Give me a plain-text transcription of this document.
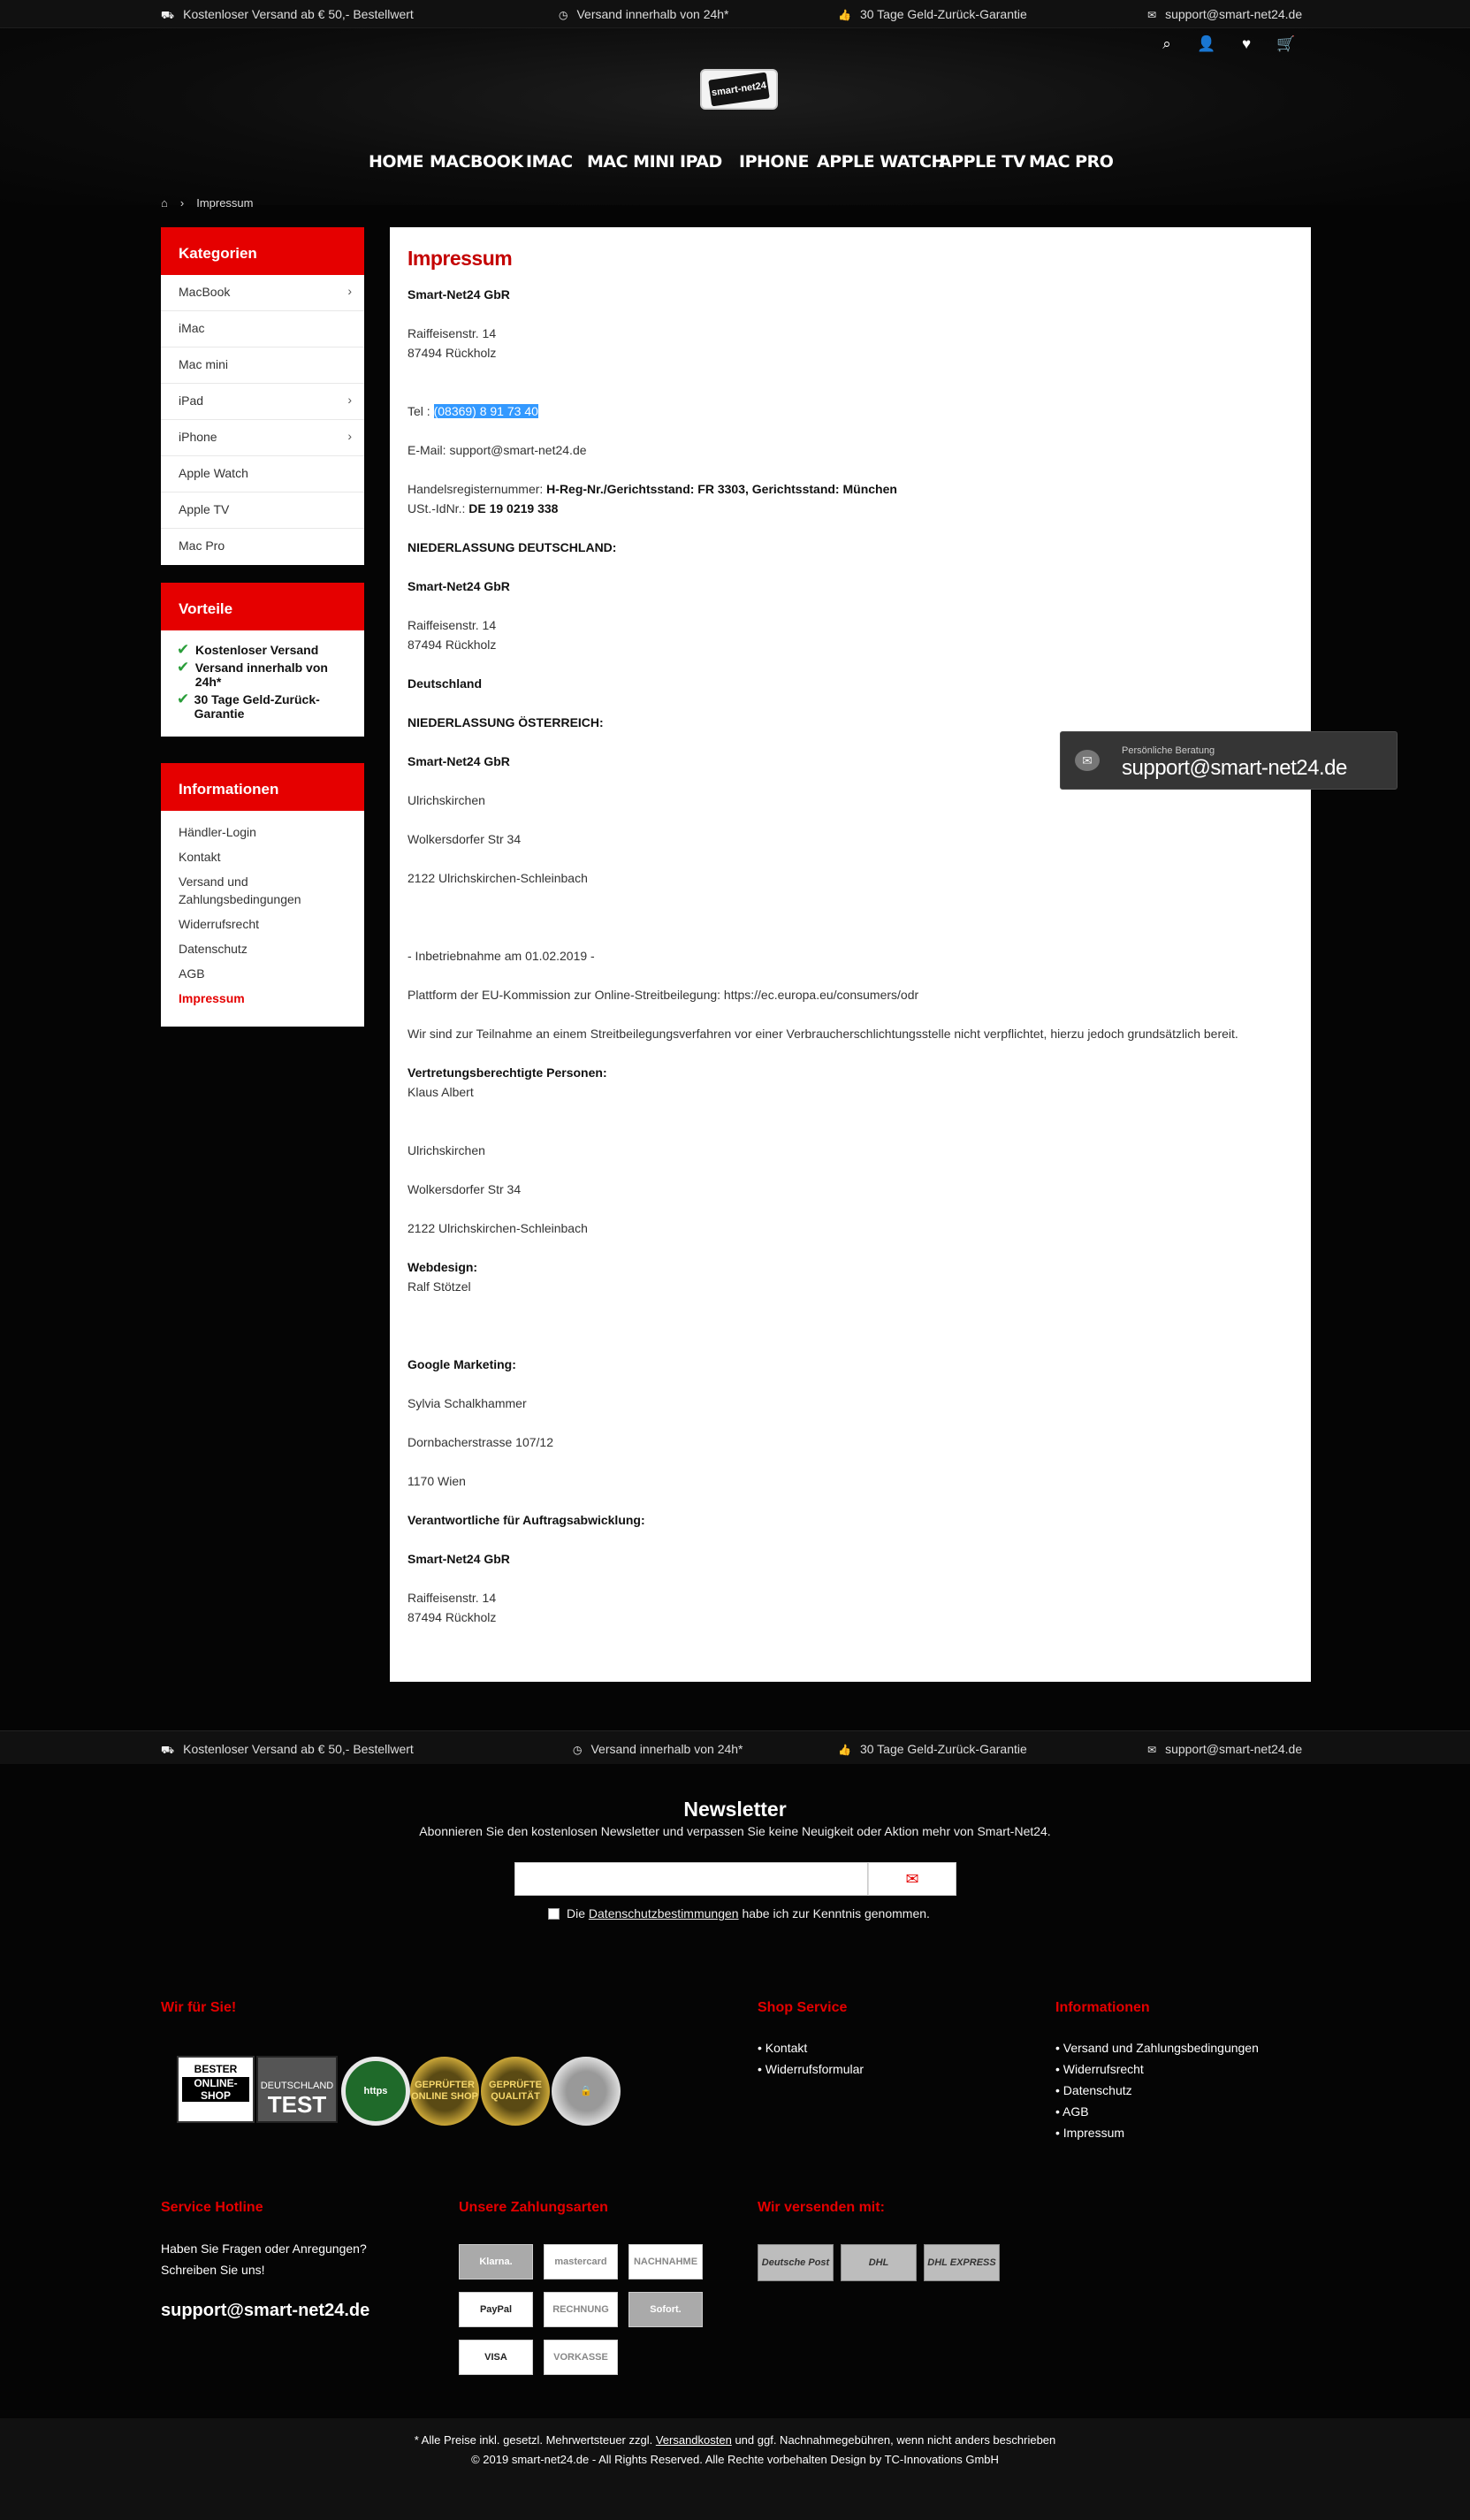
⛟ Kostenloser Versand ab € 50,- Bestellwert	◷ Versand innerhalb von 24h*	👍 30 Tage Geld-Zurück-Garantie	✉ support@smart-net24.de
⌕	👤	♥	🛒
smart-net24
HOME MACBOOK IMAC MAC MINI IPAD IPHONE APPLE WATCH
APPLE TV MAC PRO
⌂ › Impressum
Kategorien
MacBook	›
iMac
Mac mini
iPad	›
iPhone	›
Apple Watch
Apple TV
Mac Pro
Vorteile
✔ Kostenloser Versand
✔ Versand innerhalb von 24h*
✔ 30 Tage Geld-Zurück-Garantie
Informationen
Händler-Login
Kontakt
Versand und Zahlungsbedingungen
Widerrufsrecht
Datenschutz
AGB
Impressum
Impressum

Smart-Net24 GbR

Raiffeisenstr. 14
87494 Rückholz

Tel : (08369) 8 91 73 40

E-Mail: support@smart-net24.de

Handelsregisternummer: H-Reg-Nr./Gerichtsstand: FR 3303, Gerichtsstand: München
USt.-IdNr.: DE 19 0219 338

NIEDERLASSUNG DEUTSCHLAND:

Smart-Net24 GbR

Raiffeisenstr. 14
87494 Rückholz

Deutschland

NIEDERLASSUNG ÖSTERREICH:

Smart-Net24 GbR

Ulrichskirchen

Wolkersdorfer Str 34

2122 Ulrichskirchen-Schleinbach

- Inbetriebnahme am 01.02.2019 -

Plattform der EU-Kommission zur Online-Streitbeilegung: https://ec.europa.eu/consumers/odr

Wir sind zur Teilnahme an einem Streitbeilegungsverfahren vor einer Verbraucherschlichtungsstelle nicht verpflichtet, hierzu jedoch grundsätzlich bereit.

Vertretungsberechtigte Personen:
Klaus Albert

Ulrichskirchen

Wolkersdorfer Str 34

2122 Ulrichskirchen-Schleinbach

Webdesign:
Ralf Stötzel

Google Marketing:

Sylvia Schalkhammer

Dornbacherstrasse 107/12

1170 Wien

Verantwortliche für Auftragsabwicklung:

Smart-Net24 GbR

Raiffeisenstr. 14
87494 Rückholz

✉
Persönliche Beratung
support@smart-net24.de
⛟ Kostenloser Versand ab € 50,- Bestellwert	◷ Versand innerhalb von 24h*	👍 30 Tage Geld-Zurück-Garantie	✉ support@smart-net24.de
Newsletter
Abonnieren Sie den kostenlosen Newsletter und verpassen Sie keine Neuigkeit oder Aktion mehr von Smart-Net24.
✉
Die Datenschutzbestimmungen habe ich zur Kenntnis genommen.
Wir für Sie!
BESTER
ONLINE-SHOP
DEUTSCHLAND
TEST
https
GEPRÜFTER ONLINE SHOP
GEPRÜFTE QUALITÄT
🔒
Shop Service
• Kontakt
• Widerrufsformular
Informationen
• Versand und Zahlungsbedingungen
• Widerrufsrecht
• Datenschutz
• AGB
• Impressum
Service Hotline
Haben Sie Fragen oder Anregungen?
Schreiben Sie uns!
support@smart-net24.de
Unsere Zahlungsarten
Klarna.	mastercard	NACHNAHME
PayPal	RECHNUNG	Sofort.
VISA	VORKASSE
Wir versenden mit:
Deutsche Post	DHL	DHL EXPRESS
* Alle Preise inkl. gesetzl. Mehrwertsteuer zzgl. Versandkosten und ggf. Nachnahmegebühren, wenn nicht anders beschrieben
© 2019 smart-net24.de - All Rights Reserved. Alle Rechte vorbehalten Design by TC-Innovations GmbH
